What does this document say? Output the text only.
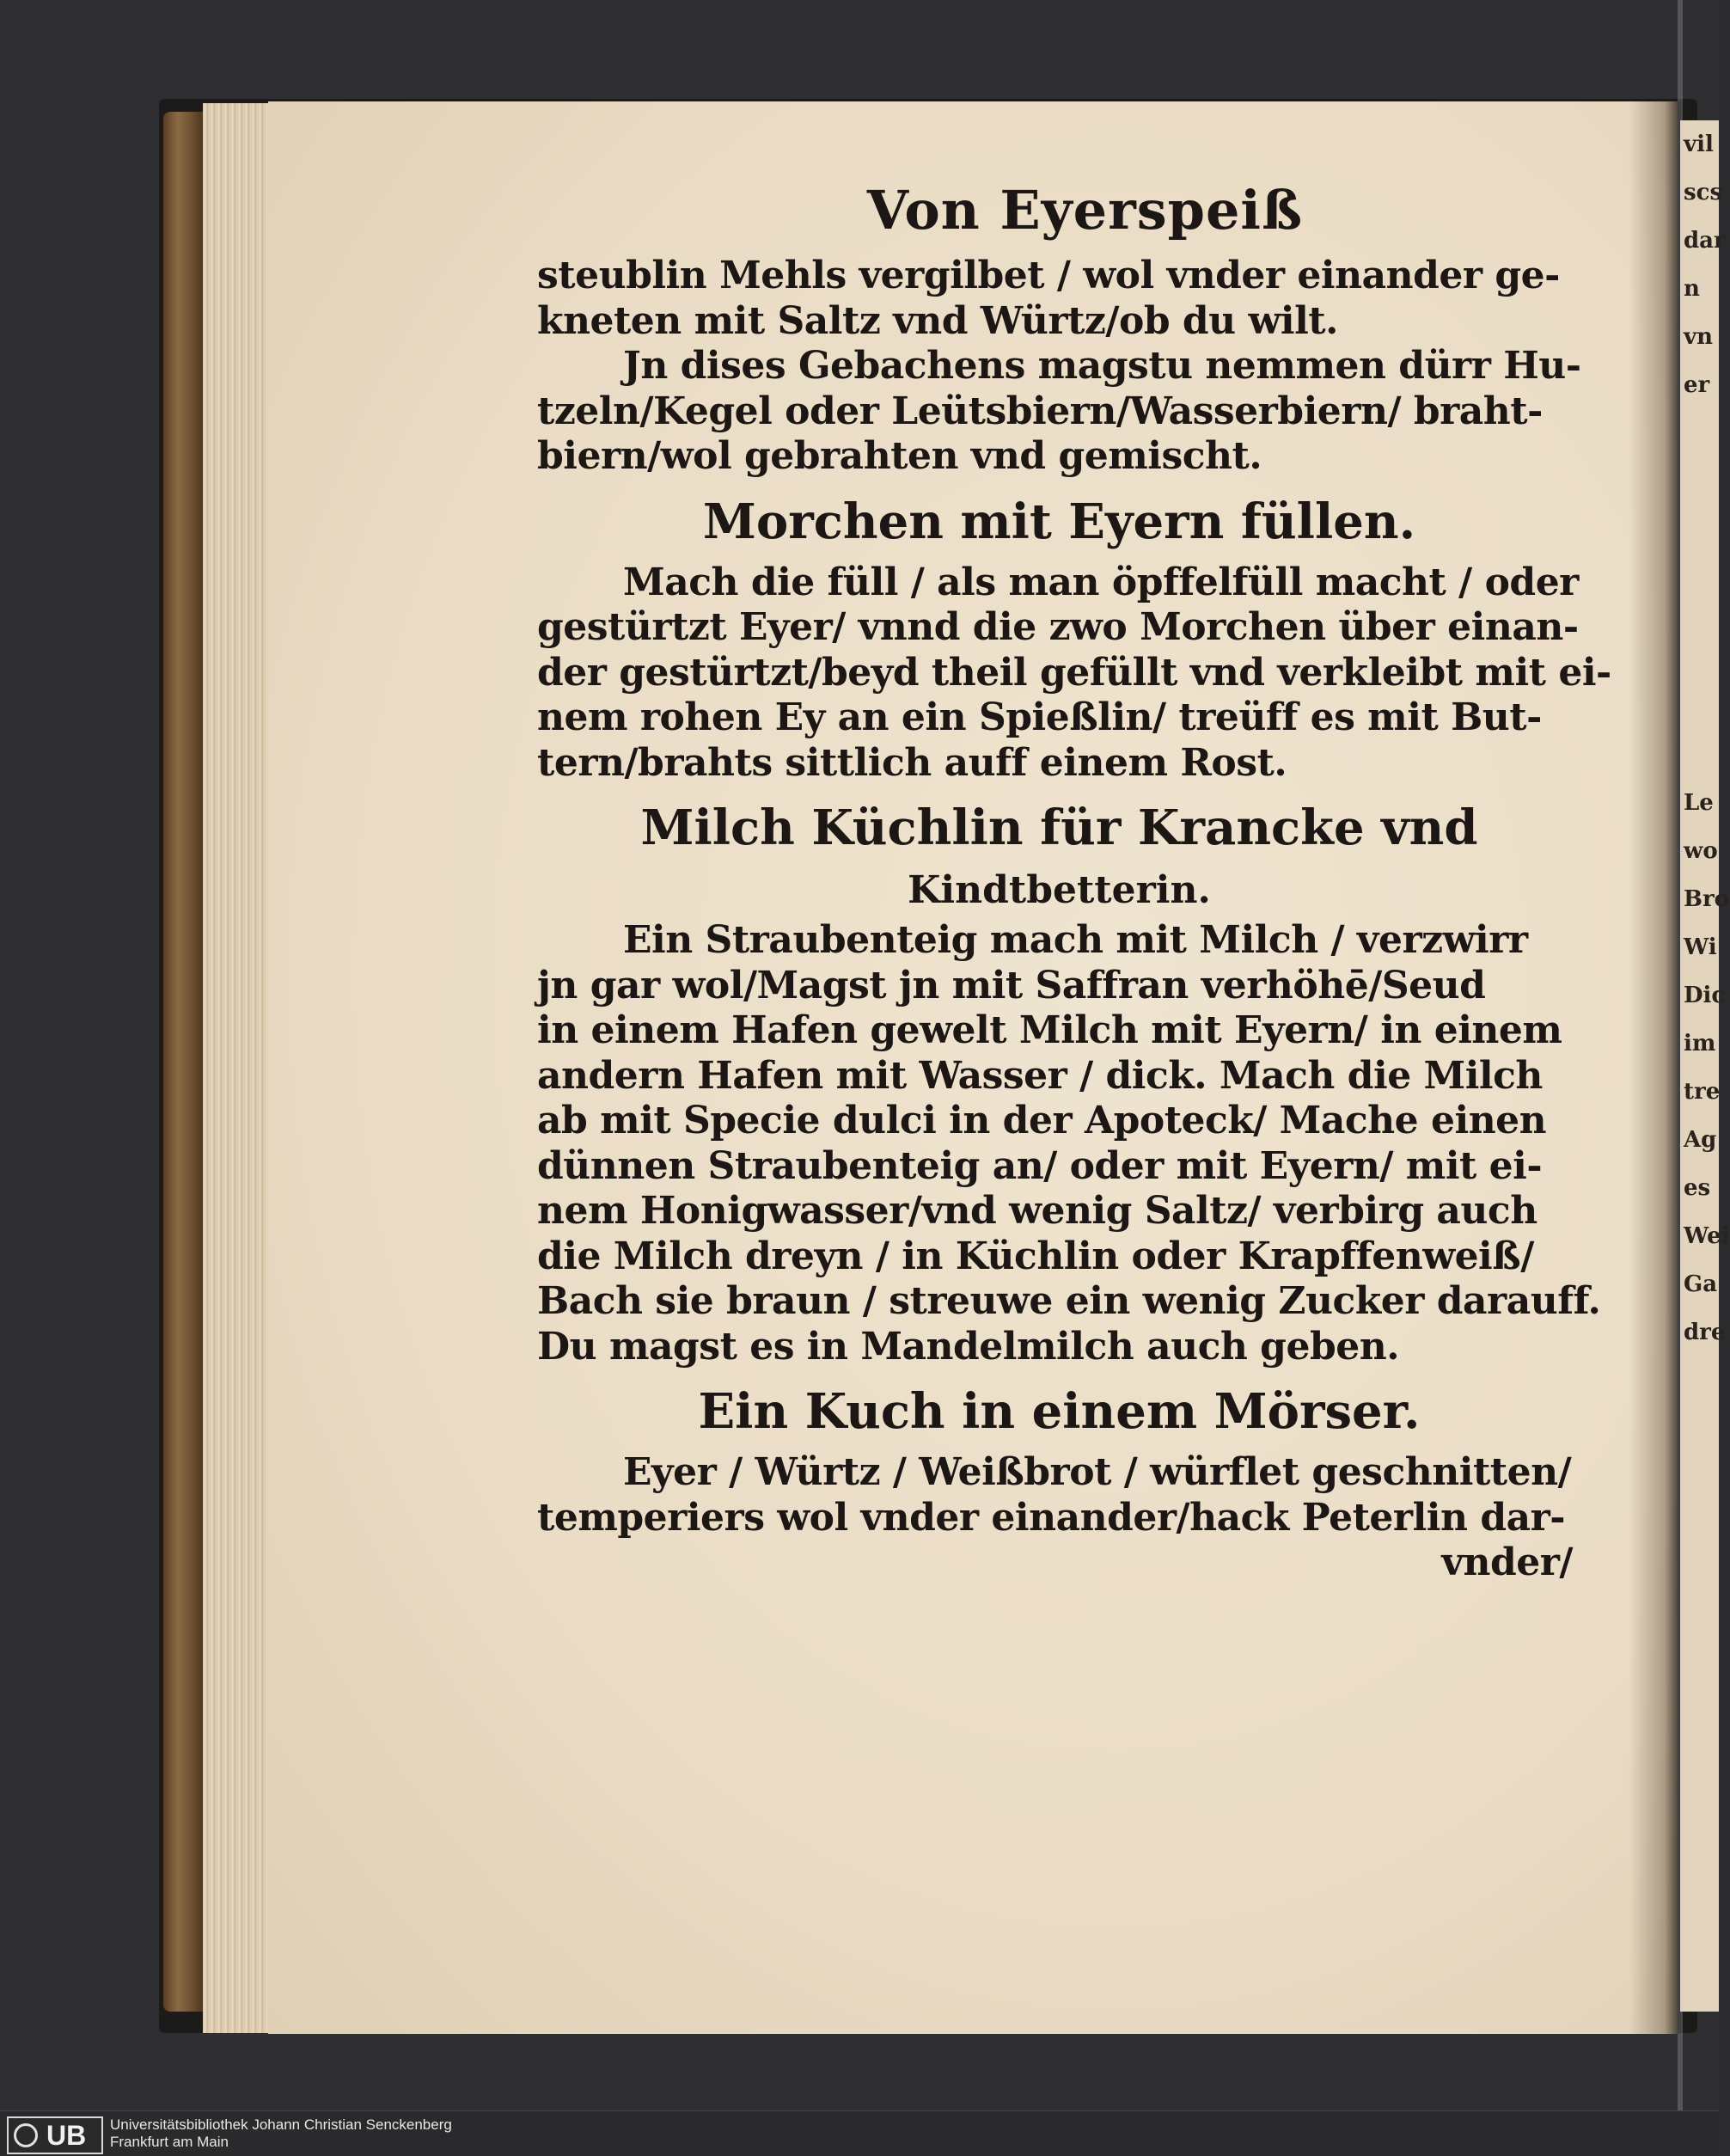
vil
scs
dar
n
vn
er
Le
wo
Bro
Wi
Dic
im
tre
Ag
es
Wei
Ga
dre
Von Eyerspeiß
steublin Mehls vergilbet / wol vnder einander ge-
kneten mit Saltz vnd Würtz/ob du wilt.
Jn dises Gebachens magstu nemmen dürr Hu-
tzeln/Kegel oder Leütsbiern/Wasserbiern/ braht-
biern/wol gebrahten vnd gemischt.
Morchen mit Eyern füllen.
Mach die füll / als man öpffelfüll macht / oder
gestürtzt Eyer/ vnnd die zwo Morchen über einan-
der gestürtzt/beyd theil gefüllt vnd verkleibt mit ei-
nem rohen Ey an ein Spießlin/ treüff es mit But-
tern/brahts sittlich auff einem Rost.
Milch Küchlin für Krancke vnd
Kindtbetterin.
Ein Straubenteig mach mit Milch / verzwirr
jn gar wol/Magst jn mit Saffran verhöhē/Seud
in einem Hafen gewelt Milch mit Eyern/ in einem
andern Hafen mit Wasser / dick. Mach die Milch
ab mit Specie dulci in der Apoteck/ Mache einen
dünnen Straubenteig an/ oder mit Eyern/ mit ei-
nem Honigwasser/vnd wenig Saltz/ verbirg auch
die Milch dreyn / in Küchlin oder Krapffenweiß/
Bach sie braun / streuwe ein wenig Zucker darauff.
Du magst es in Mandelmilch auch geben.
Ein Kuch in einem Mörser.
Eyer / Würtz / Weißbrot / würflet geschnitten/
temperiers wol vnder einander/hack Peterlin dar-
vnder/
UB Universitätsbibliothek Johann Christian Senckenberg
Frankfurt am Main
